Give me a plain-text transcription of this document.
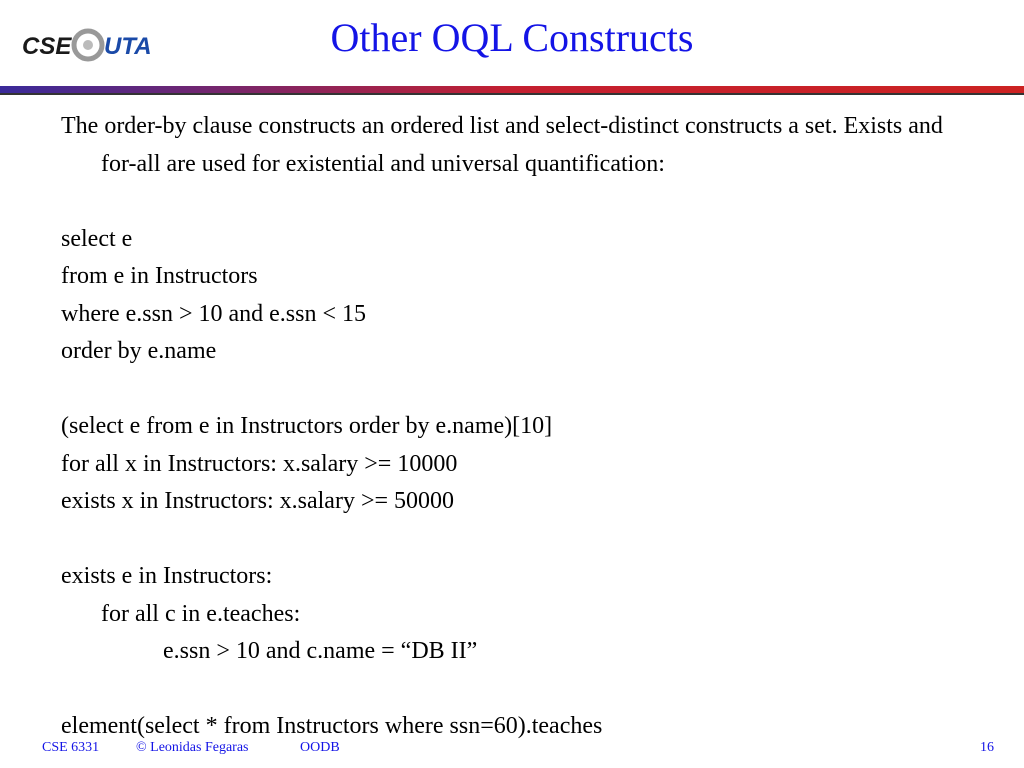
CSE UTA	Other OQL Constructs

The order-by clause constructs an ordered list and select-distinct constructs a set. Exists and for-all are used for existential and universal quantification:

select e

from e in Instructors

where e.ssn > 10 and e.ssn < 15

order by e.name

(select e from e in Instructors order by e.name)[10]

for all x in Instructors: x.salary >= 10000

exists x in Instructors: x.salary >= 50000

exists e in Instructors:

for all c in e.teaches:

e.ssn > 10 and c.name = “DB II”

element(select * from Instructors where ssn=60).teaches

CSE 6331	© Leonidas Fegaras	OODB	16
